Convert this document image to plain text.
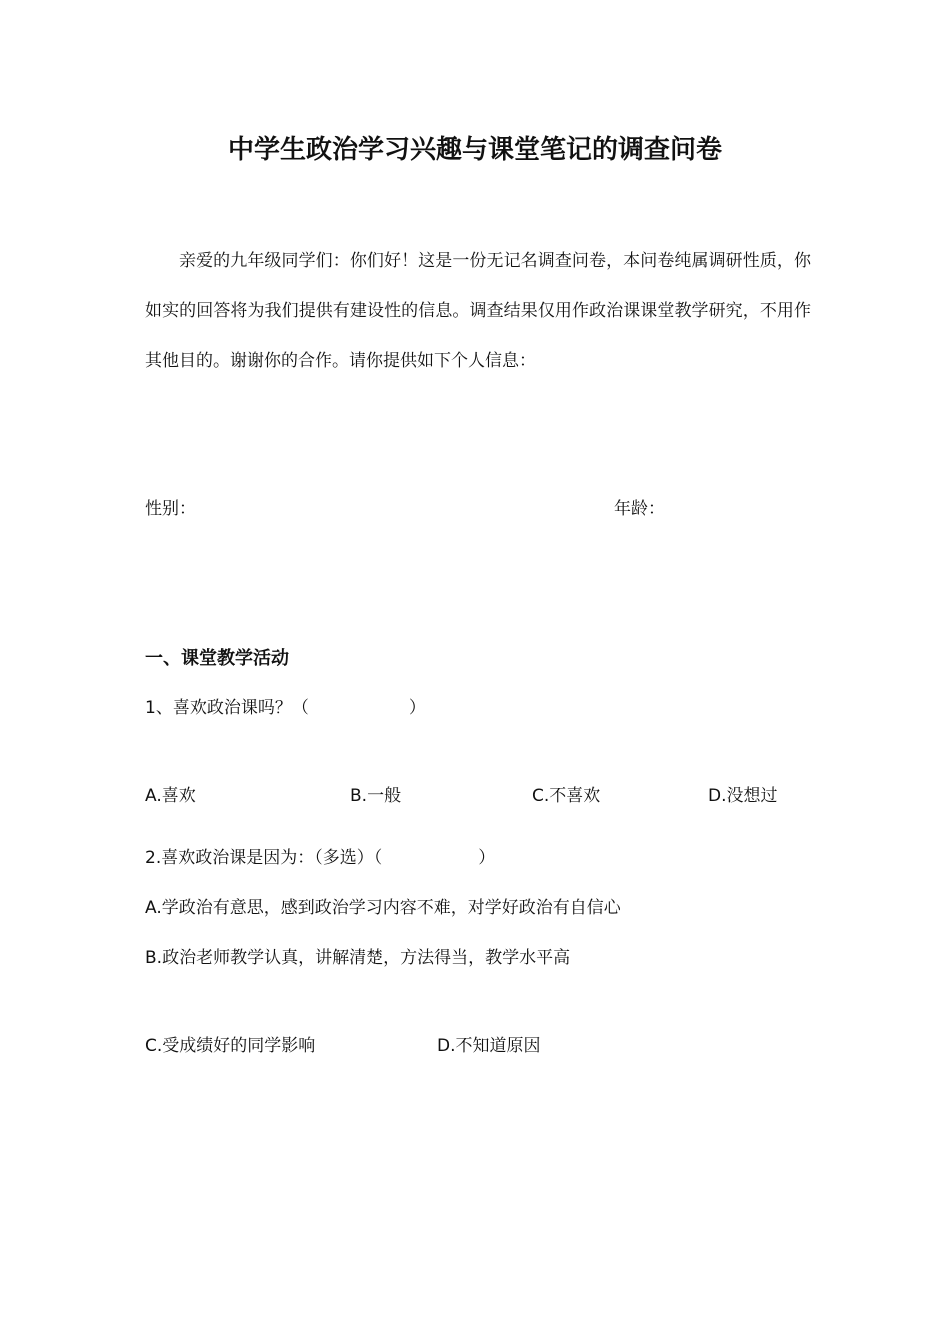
中学生政治学习兴趣与课堂笔记的调查问卷

亲爱的九年级同学们：你们好！这是一份无记名调查问卷，本问卷纯属调研性质，你如实的回答将为我们提供有建设性的信息。调查结果仅用作政治课课堂教学研究，不用作其他目的。谢谢你的合作。请你提供如下个人信息：

性别：	年龄：

一、课堂教学活动

1、喜欢政治课吗？（	）

A.喜欢	B.一般	C.不喜欢	D.没想过

2.喜欢政治课是因为：（多选）（	）

A.学政治有意思，感到政治学习内容不难，对学好政治有自信心

B.政治老师教学认真，讲解清楚，方法得当，教学水平高

C.受成绩好的同学影响	D.不知道原因
